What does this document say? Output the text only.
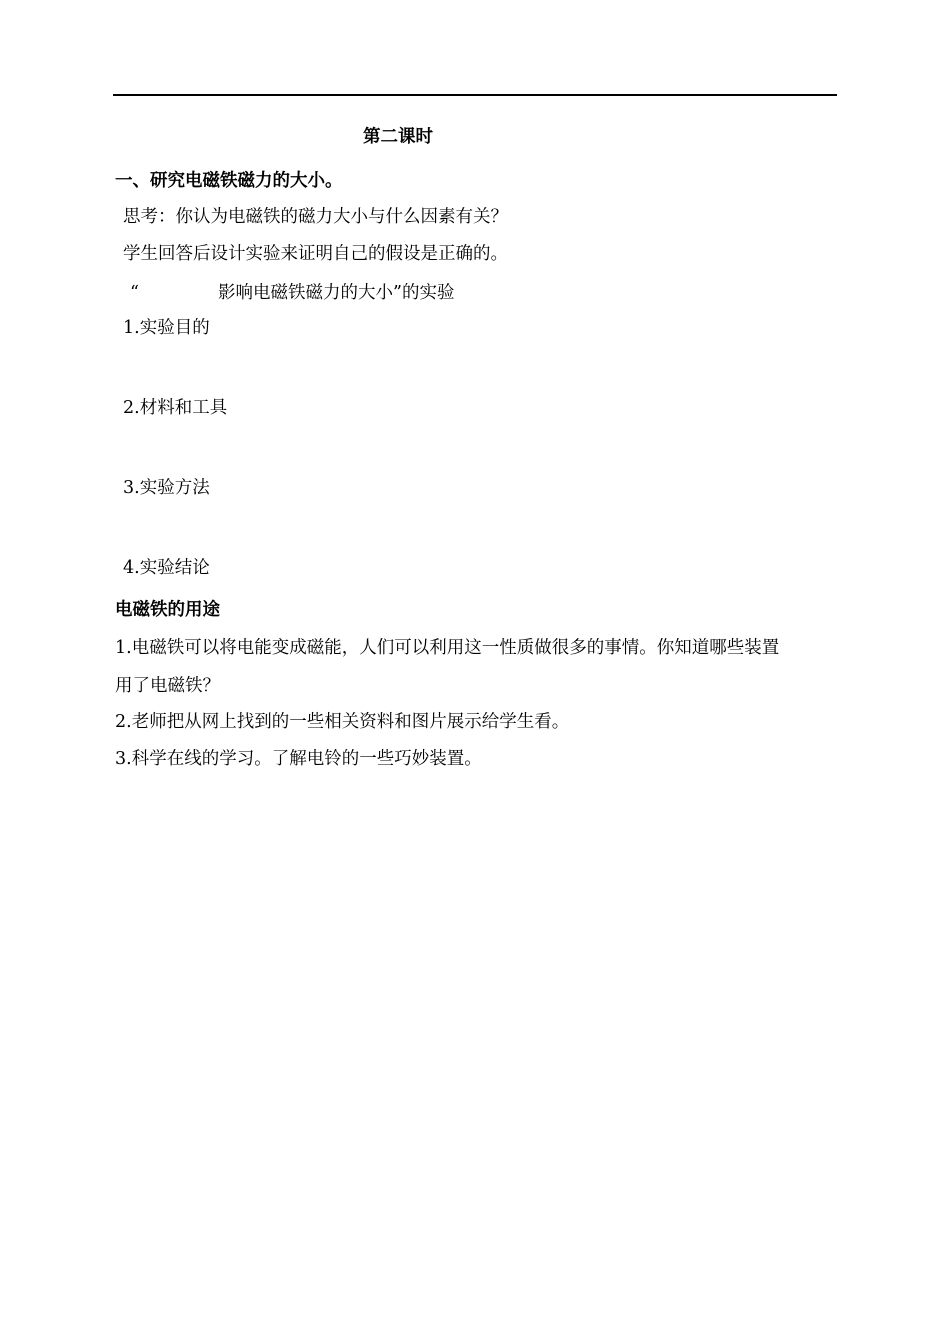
第二课时
一、研究电磁铁磁力的大小。
思考：你认为电磁铁的磁力大小与什么因素有关？
学生回答后设计实验来证明自己的假设是正确的。
“	影响电磁铁磁力的大小”的实验
1.实验目的
2.材料和工具
3.实验方法
4.实验结论
电磁铁的用途
1.电磁铁可以将电能变成磁能，人们可以利用这一性质做很多的事情。你知道哪些装置
用了电磁铁？
2.老师把从网上找到的一些相关资料和图片展示给学生看。
3.科学在线的学习。了解电铃的一些巧妙装置。
